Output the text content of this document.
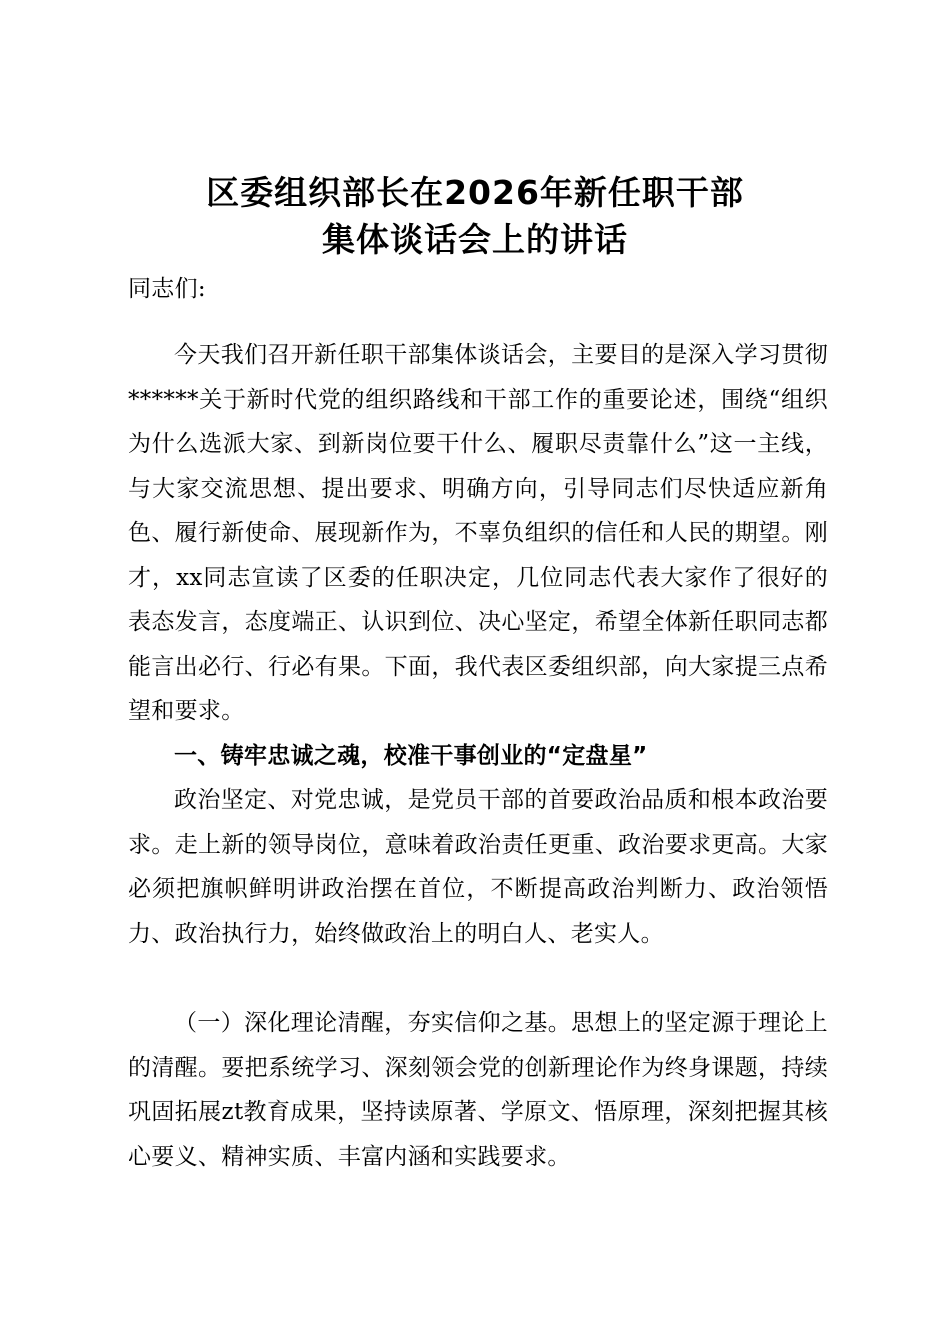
区委组织部长在2026年新任职干部
集体谈话会上的讲话
同志们:

今天我们召开新任职干部集体谈话会，主要目的是深入学习贯彻******关于新时代党的组织路线和干部工作的重要论述，围绕“组织为什么选派大家、到新岗位要干什么、履职尽责靠什么”这一主线，与大家交流思想、提出要求、明确方向，引导同志们尽快适应新角色、履行新使命、展现新作为，不辜负组织的信任和人民的期望。刚才，xx同志宣读了区委的任职决定，几位同志代表大家作了很好的表态发言，态度端正、认识到位、决心坚定，希望全体新任职同志都能言出必行、行必有果。下面，我代表区委组织部，向大家提三点希望和要求。

一、铸牢忠诚之魂，校准干事创业的“定盘星”

政治坚定、对党忠诚，是党员干部的首要政治品质和根本政治要求。走上新的领导岗位，意味着政治责任更重、政治要求更高。大家必须把旗帜鲜明讲政治摆在首位，不断提高政治判断力、政治领悟力、政治执行力，始终做政治上的明白人、老实人。

（一）深化理论清醒，夯实信仰之基。思想上的坚定源于理论上的清醒。要把系统学习、深刻领会党的创新理论作为终身课题，持续巩固拓展zt教育成果，坚持读原著、学原文、悟原理，深刻把握其核心要义、精神实质、丰富内涵和实践要求。
